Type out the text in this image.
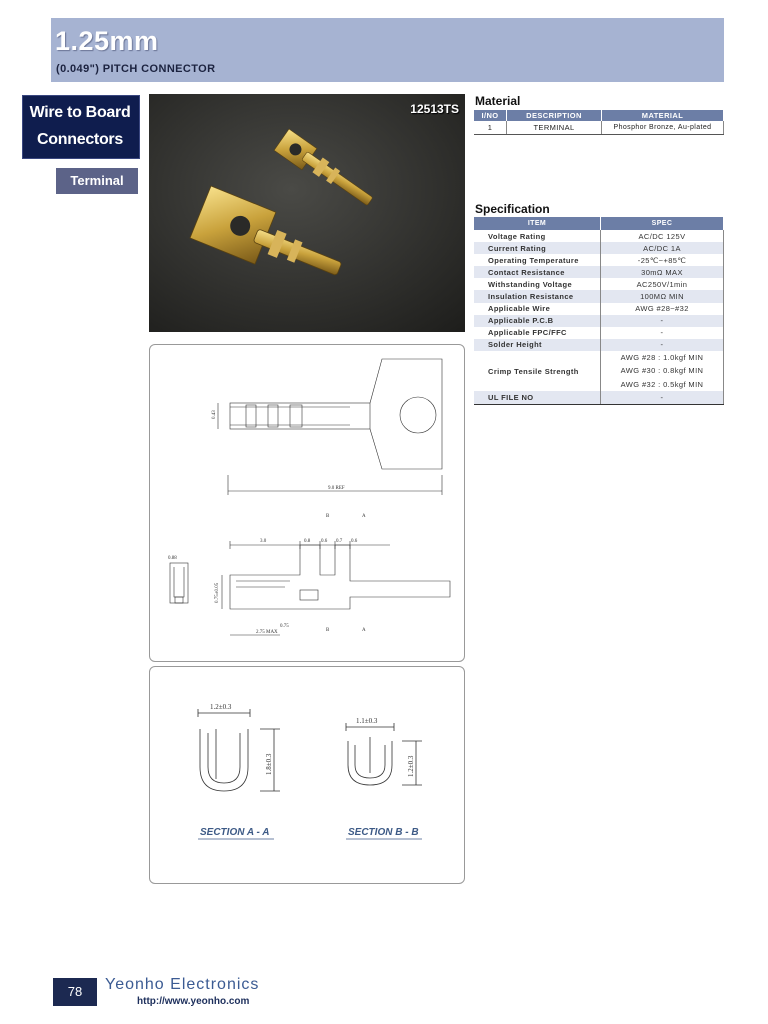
1.25mm
(0.049") PITCH CONNECTOR
Wire to Board
Connectors
Terminal
12513TS
0.43
9.0 REF
3.0	0.8 0.6 0.7 0.6
0.75
2.75 MAX
0.88
0.75±0.05
B	A
B	A
1.2±0.3
1.8±0.3
1.1±0.3
1.2±0.3
SECTION A - A	SECTION B - B
Material
I/NO	DESCRIPTION	MATERIAL
1	TERMINAL	Phosphor Bronze, Au-plated
Specification
ITEM	SPEC
Voltage Rating	AC/DC 125V
Current Rating	AC/DC 1A
Operating Temperature	-25℃~+85℃
Contact Resistance	30mΩ MAX
Withstanding Voltage	AC250V/1min
Insulation Resistance	100MΩ MIN
Applicable Wire	AWG #28~#32
Applicable P.C.B	-
Applicable FPC/FFC	-
Solder Height	-
Crimp Tensile Strength	AWG #28 : 1.0kgf MIN
AWG #30 : 0.8kgf MIN
AWG #32 : 0.5kgf MIN

UL FILE NO	-
78	Yeonho Electronics
http://www.yeonho.com
